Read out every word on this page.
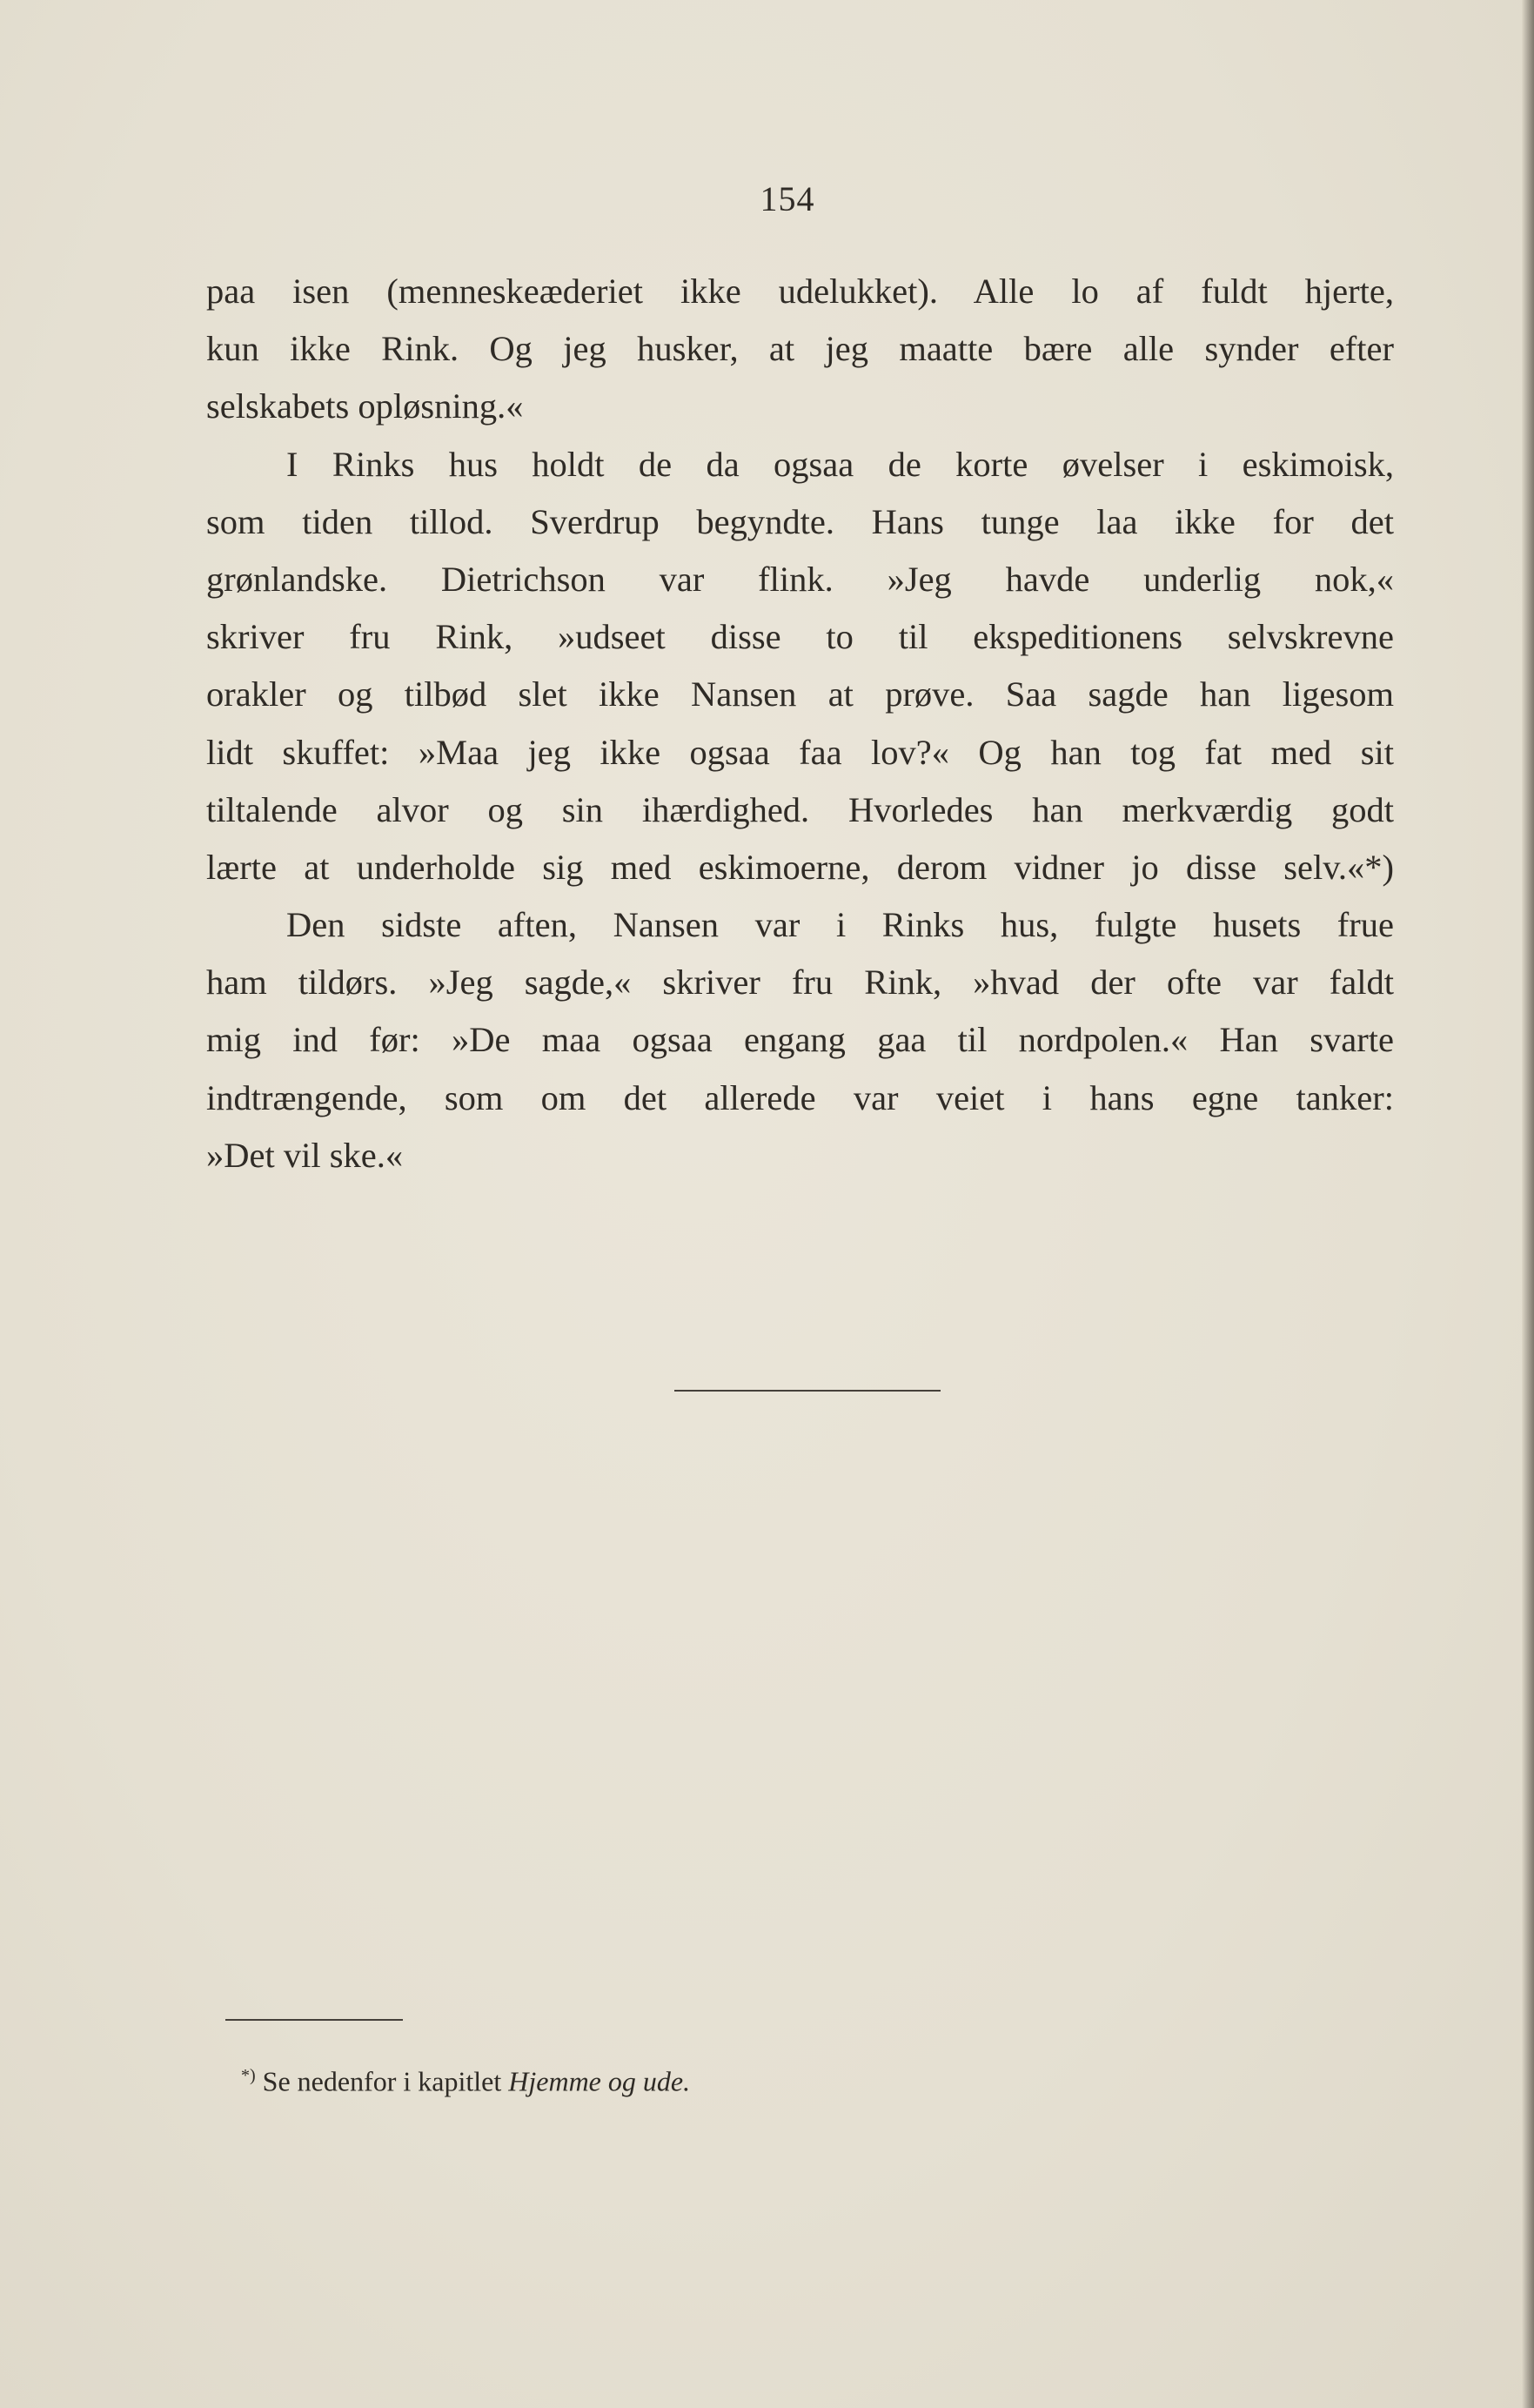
154
paa isen (menneskeæderiet ikke udelukket). Alle lo af fuldt hjerte,
kun ikke Rink. Og jeg husker, at jeg maatte bære alle synder efter
selskabets opløsning.«
I Rinks hus holdt de da ogsaa de korte øvelser i eskimoisk,
som tiden tillod. Sverdrup begyndte. Hans tunge laa ikke for det
grønlandske. Dietrichson var flink. »Jeg havde underlig nok,«
skriver fru Rink, »udseet disse to til ekspeditionens selvskrevne
orakler og tilbød slet ikke Nansen at prøve. Saa sagde han ligesom
lidt skuffet: »Maa jeg ikke ogsaa faa lov?« Og han tog fat med sit
tiltalende alvor og sin ihærdighed. Hvorledes han merkværdig godt
lærte at underholde sig med eskimoerne, derom vidner jo disse selv.«*)
Den sidste aften, Nansen var i Rinks hus, fulgte husets frue
ham tildørs. »Jeg sagde,« skriver fru Rink, »hvad der ofte var faldt
mig ind før: »De maa ogsaa engang gaa til nordpolen.« Han svarte
indtrængende, som om det allerede var veiet i hans egne tanker:
»Det vil ske.«
*) Se nedenfor i kapitlet Hjemme og ude.
